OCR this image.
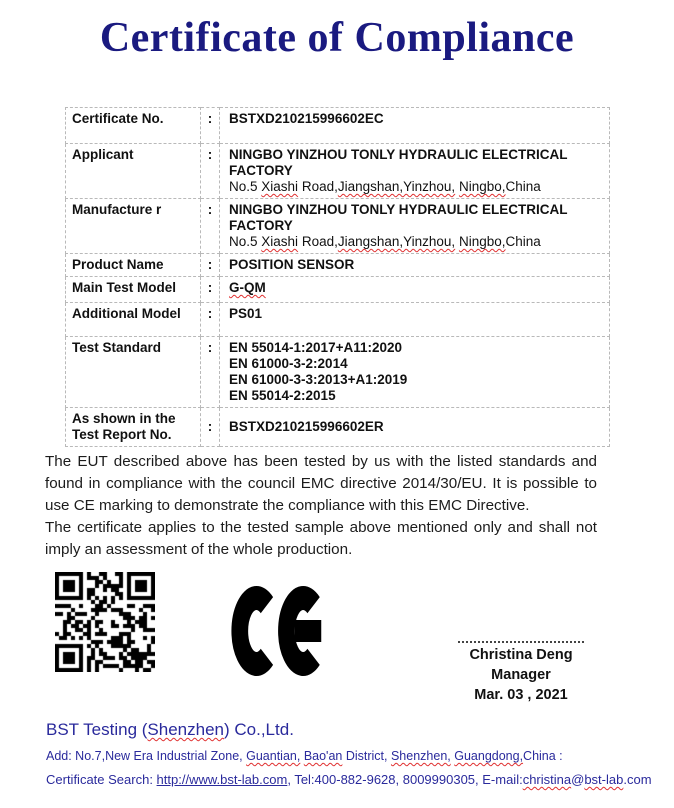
Certificate of Compliance
Certificate No.	:	BSTXD210215996602EC
Applicant	:	NINGBO YINZHOU TONLY HYDRAULIC ELECTRICAL FACTORY
No.5 Xiashi Road,Jiangshan,Yinzhou, Ningbo,China

Manufacture r	:	NINGBO YINZHOU TONLY HYDRAULIC ELECTRICAL FACTORY
No.5 Xiashi Road,Jiangshan,Yinzhou, Ningbo,China

Product Name	:	POSITION SENSOR
Main Test Model	:	G-QM
Additional Model	:	PS01
Test Standard	:	EN 55014-1:2017+A11:2020
EN 61000-3-2:2014
EN 61000-3-3:2013+A1:2019
EN 55014-2:2015

As shown in the Test Report No.	:	BSTXD210215996602ER

The EUT described above has been tested by us with the listed standards and found in compliance with the council EMC directive 2014/30/EU. It is possible to use CE marking to demonstrate the compliance with this EMC Directive.

The certificate applies to the tested sample above mentioned only and shall not imply an assessment of the whole production.

Christina Deng
Manager
Mar. 03 , 2021
BST Testing (Shenzhen) Co.,Ltd.
Add: No.7,New Era Industrial Zone, Guantian, Bao'an District, Shenzhen, Guangdong,China :
Certificate Search: http://www.bst-lab.com, Tel:400-882-9628, 8009990305, E-mail:christina@bst-lab.com
